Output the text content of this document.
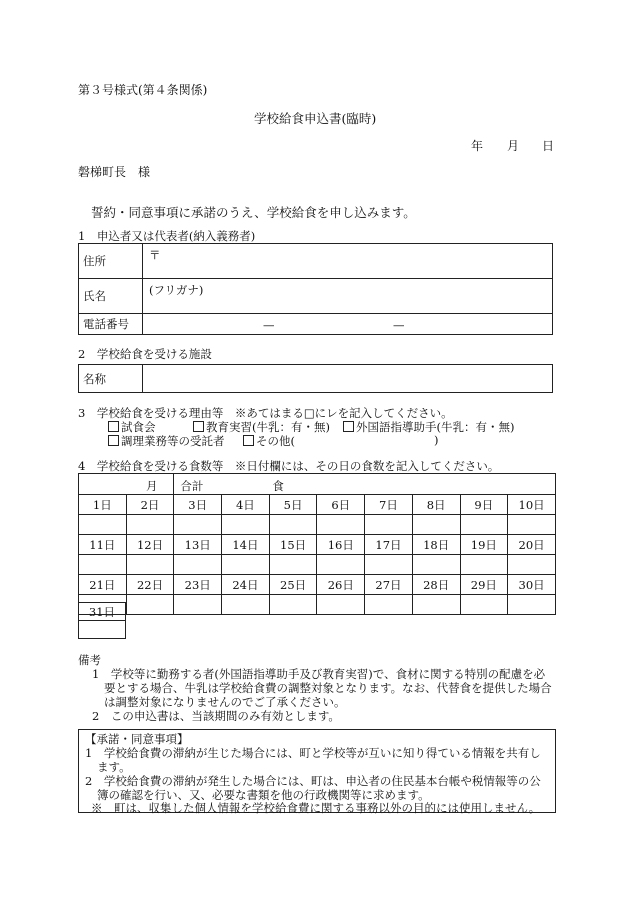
第３号様式(第４条関係)
学校給食申込書(臨時)
年 月 日
磐梯町長　様
誓約・同意事項に承諾のうえ、学校給食を申し込みます。
1　申込者又は代表者(納入義務者)
住所	〒
氏名	(フリガナ)
電話番号	— —
2　学校給食を受ける施設
名称	
3　学校給食を受ける理由等　※あてはまる□にレを記入してください。
試食会	教育実習(牛乳：有・無)	外国語指導助手(牛乳：有・無)
調理業務等の受託者	その他(	)
4　学校給食を受ける食数等　※日付欄には、その日の食数を記入してください。
月		合計 食							

1日	2日	3日	4日	5日	6日	7日	8日	9日	10日

11日	12日	13日	14日	15日	16日	17日	18日	19日	20日

21日	22日	23日	24日	25日	26日	27日	28日	29日	30日

31日

備考
1　 学校等に勤務する者(外国語指導助手及び教育実習)で、食材に関する特別の配慮を必
要とする場合、牛乳は学校給食費の調整対象となります。なお、代替食を提供した場合
は調整対象になりませんのでご了承ください。
2　 この申込書は、当該期間のみ有効とします。
【承諾・同意事項】
1　学校給食費の滞納が生じた場合には、町と学校等が互いに知り得ている情報を共有し
ます。
2　学校給食費の滞納が発生した場合には、町は、申込者の住民基本台帳や税情報等の公
簿の確認を行い、又、必要な書類を他の行政機関等に求めます。
※　町は、収集した個人情報を学校給食費に関する事務以外の目的には使用しません。
